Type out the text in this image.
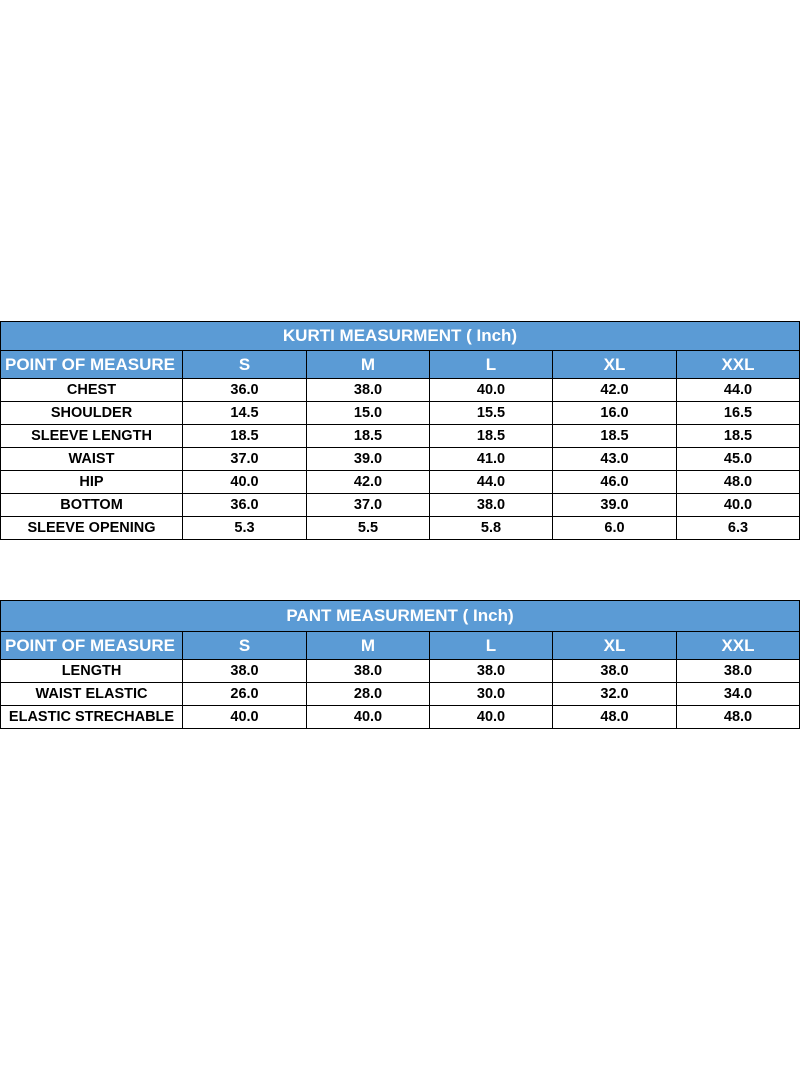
KURTI MEASURMENT ( Inch)					
POINT OF MEASURE	S	M	L	XL	XXL
CHEST	36.0	38.0	40.0	42.0	44.0
SHOULDER	14.5	15.0	15.5	16.0	16.5
SLEEVE LENGTH	18.5	18.5	18.5	18.5	18.5
WAIST	37.0	39.0	41.0	43.0	45.0
HIP	40.0	42.0	44.0	46.0	48.0
BOTTOM	36.0	37.0	38.0	39.0	40.0
SLEEVE OPENING	5.3	5.5	5.8	6.0	6.3
PANT MEASURMENT ( Inch)					
POINT OF MEASURE	S	M	L	XL	XXL
LENGTH	38.0	38.0	38.0	38.0	38.0
WAIST ELASTIC	26.0	28.0	30.0	32.0	34.0
ELASTIC STRECHABLE	40.0	40.0	40.0	48.0	48.0
